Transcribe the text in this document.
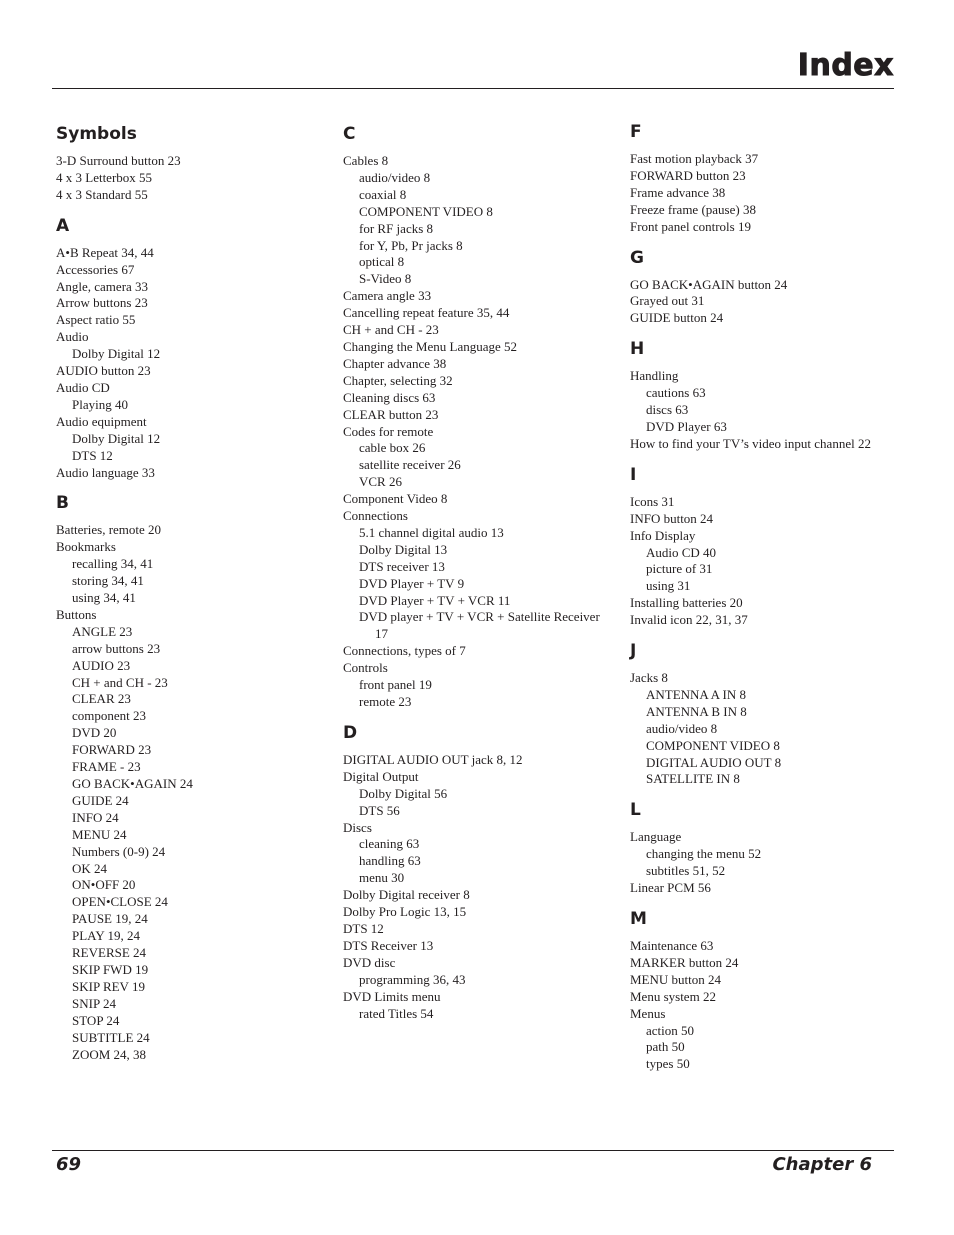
Index
Symbols
3-D Surround button 23
4 x 3 Letterbox 55
4 x 3 Standard 55
A
A•B Repeat 34, 44
Accessories 67
Angle, camera 33
Arrow buttons 23
Aspect ratio 55
Audio
Dolby Digital 12
AUDIO button 23
Audio CD
Playing 40
Audio equipment
Dolby Digital 12
DTS 12
Audio language 33
B
Batteries, remote 20
Bookmarks
recalling 34, 41
storing 34, 41
using 34, 41
Buttons
ANGLE 23
arrow buttons 23
AUDIO 23
CH + and CH - 23
CLEAR 23
component 23
DVD 20
FORWARD 23
FRAME - 23
GO BACK•AGAIN 24
GUIDE 24
INFO 24
MENU 24
Numbers (0-9) 24
OK 24
ON•OFF 20
OPEN•CLOSE 24
PAUSE 19, 24
PLAY 19, 24
REVERSE 24
SKIP FWD 19
SKIP REV 19
SNIP 24
STOP 24
SUBTITLE 24
ZOOM 24, 38
C
Cables 8
audio/video 8
coaxial 8
COMPONENT VIDEO 8
for RF jacks 8
for Y, Pb, Pr jacks 8
optical 8
S-Video 8
Camera angle 33
Cancelling repeat feature 35, 44
CH + and CH - 23
Changing the Menu Language 52
Chapter advance 38
Chapter, selecting 32
Cleaning discs 63
CLEAR button 23
Codes for remote
cable box 26
satellite receiver 26
VCR 26
Component Video 8
Connections
5.1 channel digital audio 13
Dolby Digital 13
DTS receiver 13
DVD Player + TV 9
DVD Player + TV + VCR 11
DVD player + TV + VCR + Satellite Receiver 17
Connections, types of 7
Controls
front panel 19
remote 23
D
DIGITAL AUDIO OUT jack 8, 12
Digital Output
Dolby Digital 56
DTS 56
Discs
cleaning 63
handling 63
menu 30
Dolby Digital receiver 8
Dolby Pro Logic 13, 15
DTS 12
DTS Receiver 13
DVD disc
programming 36, 43
DVD Limits menu
rated Titles 54
F
Fast motion playback 37
FORWARD button 23
Frame advance 38
Freeze frame (pause) 38
Front panel controls 19
G
GO BACK•AGAIN button 24
Grayed out 31
GUIDE button 24
H
Handling
cautions 63
discs 63
DVD Player 63
How to find your TV’s video input channel 22
I
Icons 31
INFO button 24
Info Display
Audio CD 40
picture of 31
using 31
Installing batteries 20
Invalid icon 22, 31, 37
J
Jacks 8
ANTENNA A IN 8
ANTENNA B IN 8
audio/video 8
COMPONENT VIDEO 8
DIGITAL AUDIO OUT 8
SATELLITE IN 8
L
Language
changing the menu 52
subtitles 51, 52
Linear PCM 56
M
Maintenance 63
MARKER button 24
MENU button 24
Menu system 22
Menus
action 50
path 50
types 50
69	Chapter 6
